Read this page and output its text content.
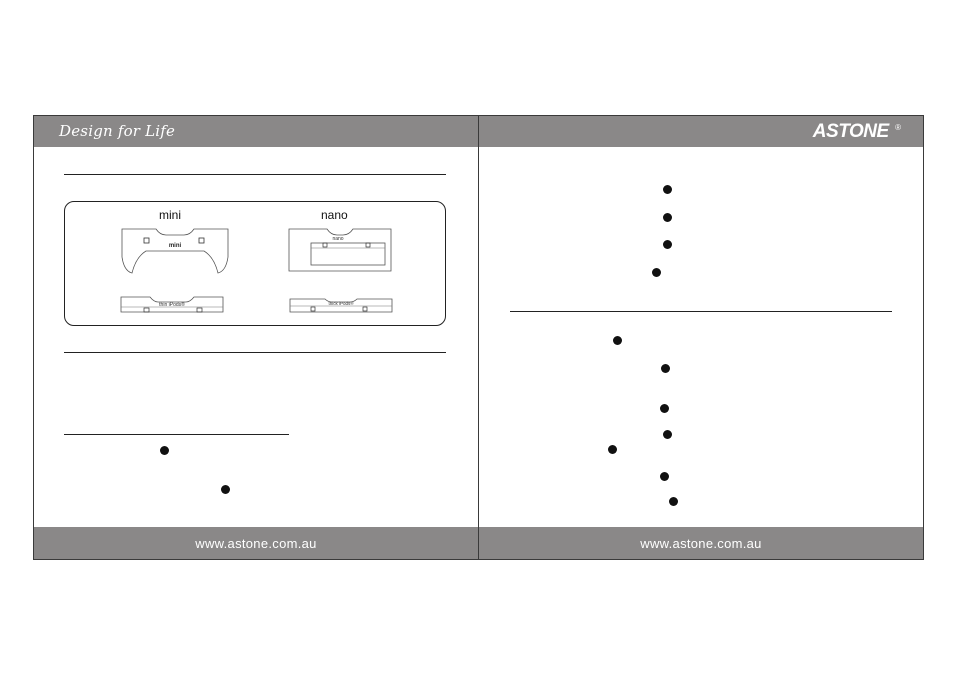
Design for Life
mini	nano
mini
nano
thin iPods®	thick iPods®
www.astone.com.au
ASTONE ®
www.astone.com.au
